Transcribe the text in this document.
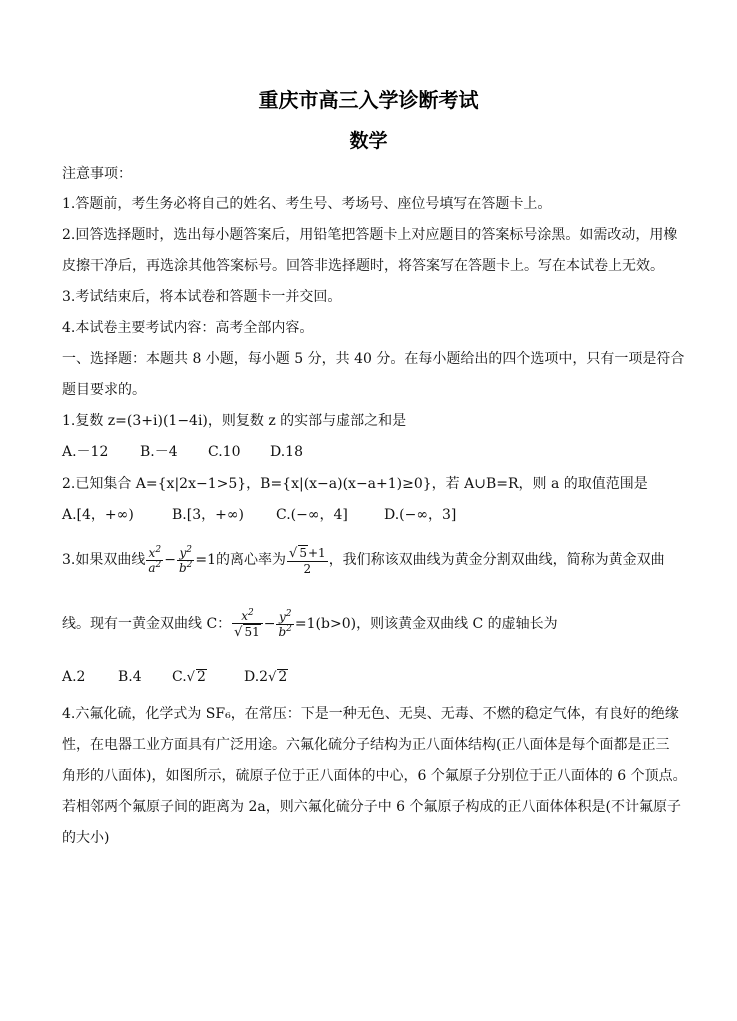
重庆市高三入学诊断考试
数学
注意事项：
1.答题前，考生务必将自己的姓名、考生号、考场号、座位号填写在答题卡上。
2.回答选择题时，选出每小题答案后，用铅笔把答题卡上对应题目的答案标号涂黑。如需改动，用橡
皮擦干净后，再选涂其他答案标号。回答非选择题时，将答案写在答题卡上。写在本试卷上无效。
3.考试结束后，将本试卷和答题卡一并交回。
4.本试卷主要考试内容：高考全部内容。
一、选择题：本题共 8 小题，每小题 5 分，共 40 分。在每小题给出的四个选项中，只有一项是符合
题目要求的。
1.复数 z=(3+i)(1−4i)，则复数 z 的实部与虚部之和是
A.－12 B.－4 C.10 D.18
2.已知集合 A={x|2x−1>5}，B={x|(x−a)(x−a+1)≥0}，若 A∪B=R，则 a 的取值范围是
A.[4，+∞)	B.[3，+∞) C.(−∞，4]	D.(−∞，3]
3.如果双曲线 $\frac{x^2}{a^2} - \frac{y^2}{b^2} =1$的离心率为 $\frac{√ 5+1}{2}$ ，我们称该双曲线为黄金分割双曲线，简称为黄金双曲
线。现有一黄金双曲线 C： $\frac{x^2}{√ 51} - \frac{y^2}{b^2} =1(b>0)$，则该黄金双曲线 C 的虚轴长为
A.2 B.4 C.√ 2	D.2√ 2
4.六氟化硫，化学式为 SF₆，在常压：下是一种无色、无臭、无毒、不燃的稳定气体，有良好的绝缘
性，在电器工业方面具有广泛用途。六氟化硫分子结构为正八面体结构(正八面体是每个面都是正三
角形的八面体)，如图所示，硫原子位于正八面体的中心，6 个氟原子分别位于正八面体的 6 个顶点。
若相邻两个氟原子间的距离为 2a，则六氟化硫分子中 6 个氟原子构成的正八面体体积是(不计氟原子
的大小)
